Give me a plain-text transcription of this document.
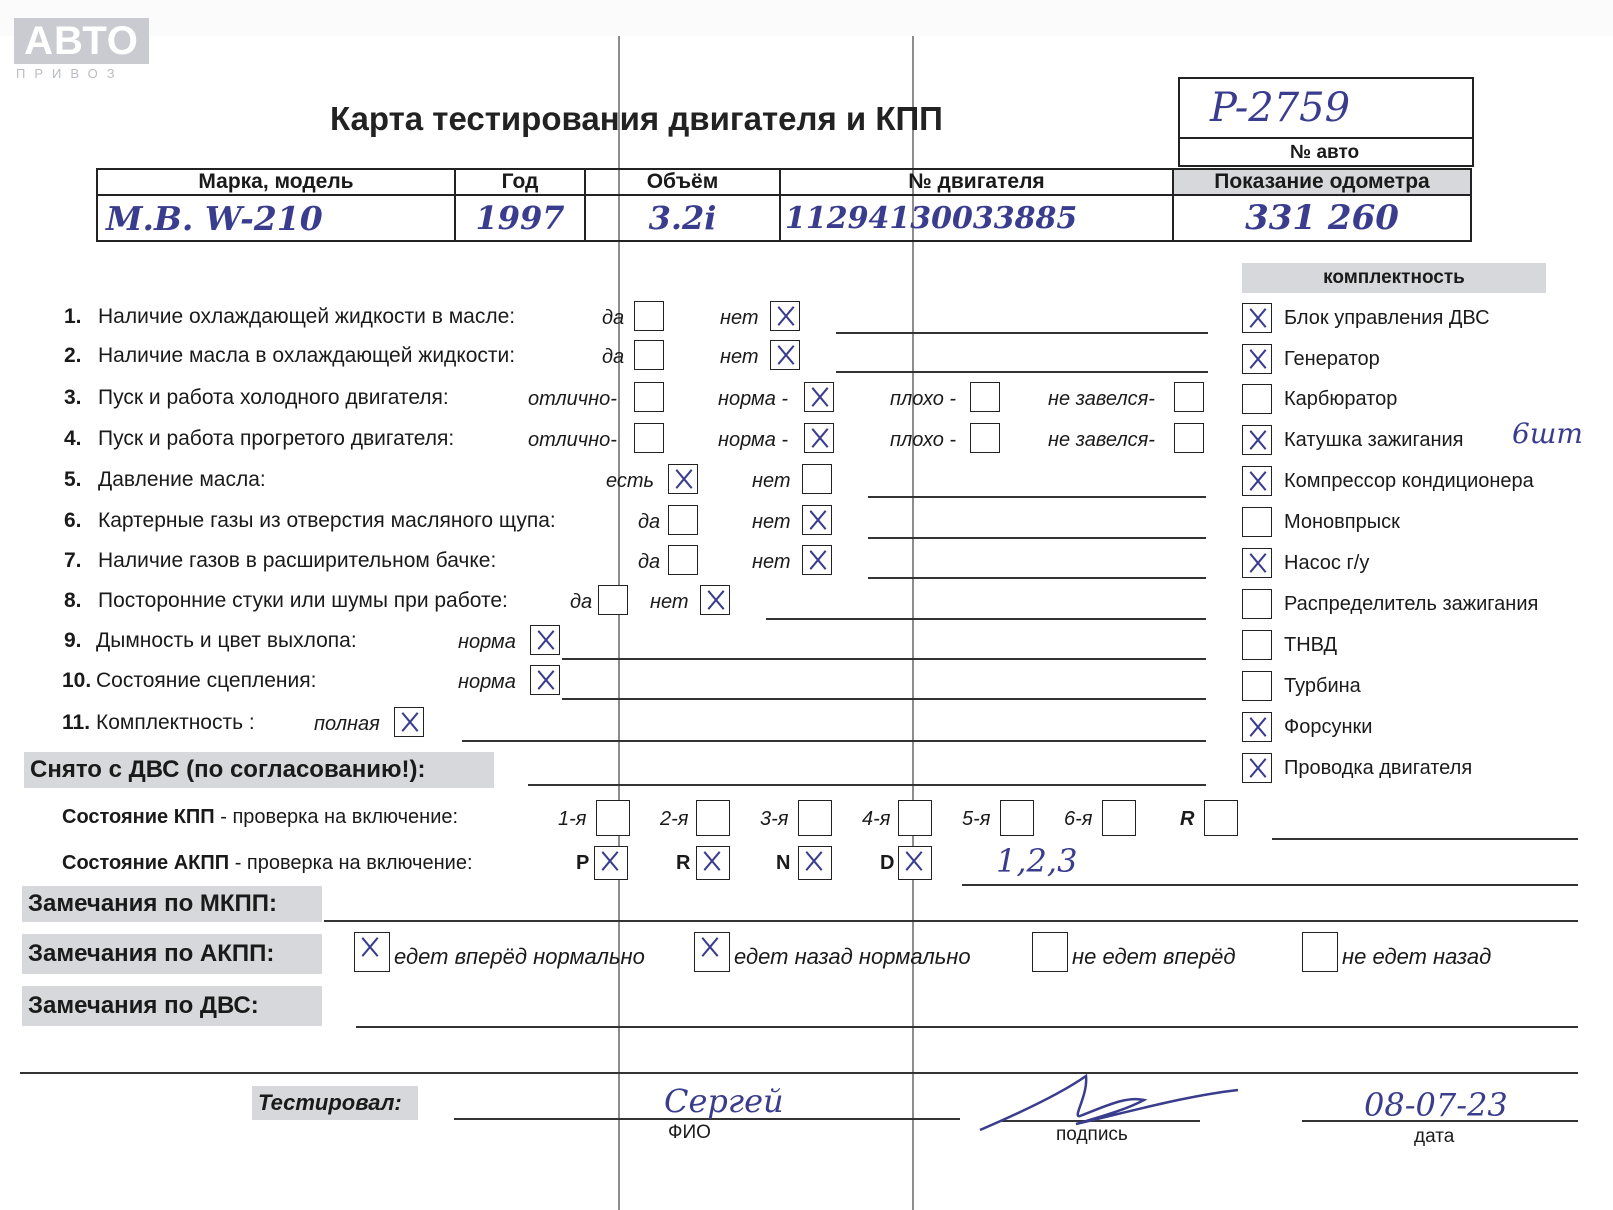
АВТО
ПРИВОЗ
Карта тестирования двигателя и КПП	P-2759
№ авто
Марка, модель	Год	Объём	№ двигателя	Показание одометра
M.B. W-210	1997	3.2i	11294130033885	331 260
комплектность
Блок управления ДВС
Генератор
Карбюратор
Катушка зажигания 6шт
Компрессор кондиционера
Моновпрыск
Насос г/у
Распределитель зажигания
ТНВД
Турбина
Форсунки
Проводка двигателя
1. Наличие охлаждающей жидкости в масле:	да	нет
2. Наличие масла в охлаждающей жидкости:	да	нет
3. Пуск и работа холодного двигателя:	отлично-	норма -	плохо -	не завелся-
4. Пуск и работа прогретого двигателя:	отлично-	норма -	плохо -	не завелся-
5. Давление масла:	есть	нет
6. Картерные газы из отверстия масляного щупа:	да	нет
7. Наличие газов в расширительном бачке:	да	нет
8. Посторонние стуки или шумы при работе:	да	нет
9. Дымность и цвет выхлопа:	норма
10. Состояние сцепления:	норма
11. Комплектность :	полная
Снято с ДВС (по согласованию!):
Состояние КПП - проверка на включение:	1-я	2-я	3-я	4-я	5-я	6-я	R
Состояние АКПП - проверка на включение:	P	R	N	D	1,2,3
Замечания по МКПП:
Замечания по АКПП:	едет вперёд нормально	едет назад нормально	не едет вперёд	не едет назад
Замечания по ДВС:
Тестировал:	Сергей
ФИО	подпись
08-07-23
дата
